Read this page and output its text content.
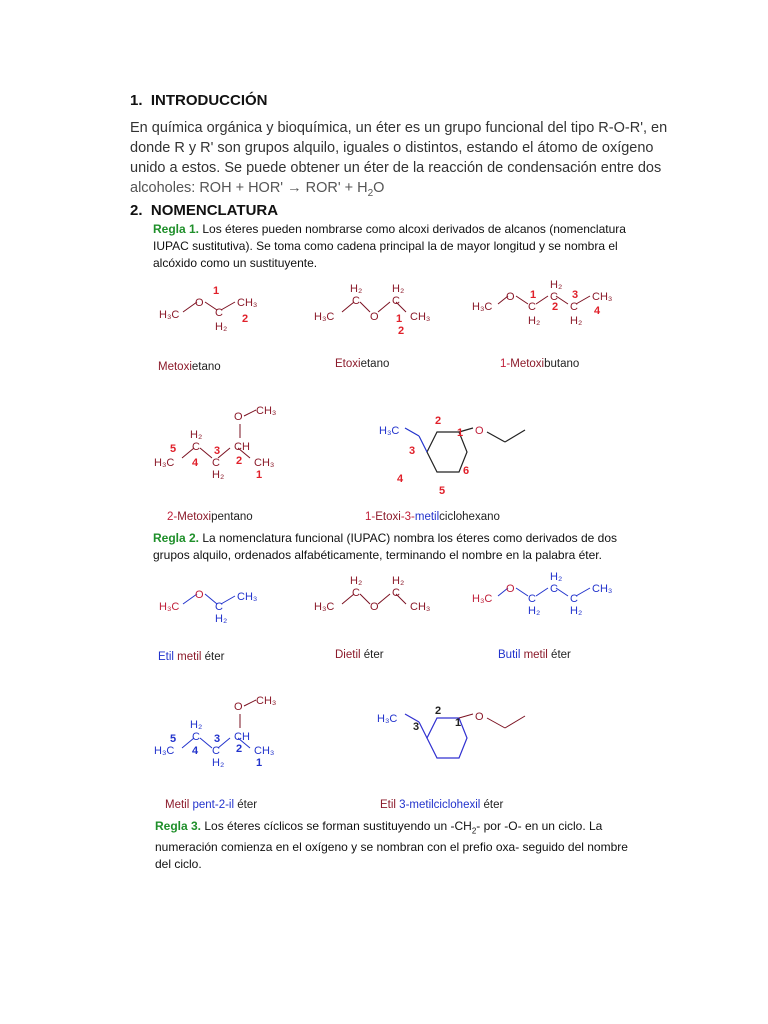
1. INTRODUCCIÓN
En química orgánica y bioquímica, un éter es un grupo funcional del tipo R-O-R', en
donde R y R' son grupos alquilo, iguales o distintos, estando el átomo de oxígeno
unido a estos. Se puede obtener un éter de la reacción de condensación entre dos
alcoholes: ROH + $HOR' \to ROR' + H_2O$
2. NOMENCLATURA
Regla 1. Los éteres pueden nombrarse como alcoxi derivados de alcanos (nomenclatura
IUPAC sustitutiva). Se toma como cadena principal la de mayor longitud y se nombra el
alcóxido como un sustituyente.
H₃C
O
C
H₂
CH₃
1
2	H₃C
H₂
C
O
H₂
C
CH₃
1
2
H₃C
O
C
H₂
H₂
C
C
H₂
CH₃
1
2
3
4
Metoxietano	Etoxietano	1-Metoxibutano
H₃C
H₂
C
C
H₂
CH
O CH₃
CH₃
5
4
3
2
1
H₃C	O
1
2
3
4
5
6
2-Metoxipentano	1-Etoxi-3-metilciclohexano
Regla 2. La nomenclatura funcional (IUPAC) nombra los éteres como derivados de dos
grupos alquilo, ordenados alfabéticamente, terminando el nombre en la palabra éter.
H₃C
O
C
H₂
CH₃
H₃C
H₂
C
O
H₂
C
CH₃
H₃C
O
C
H₂
H₂
C
C
H₂
CH₃
Etil metil éter	Dietil éter	Butil metil éter
H₃C
H₂
C
C
H₂
CH
CH₃
5
4
3
2
1
O CH₃
H₃C	O
1
2
3
Metil pent-2-il éter	Etil 3-metilciclohexil éter
Regla 3. Los éteres cíclicos se forman sustituyendo un $-CH_2-$ por -O- en un ciclo. La
numeración comienza en el oxígeno y se nombran con el prefio oxa- seguido del nombre
del ciclo.
